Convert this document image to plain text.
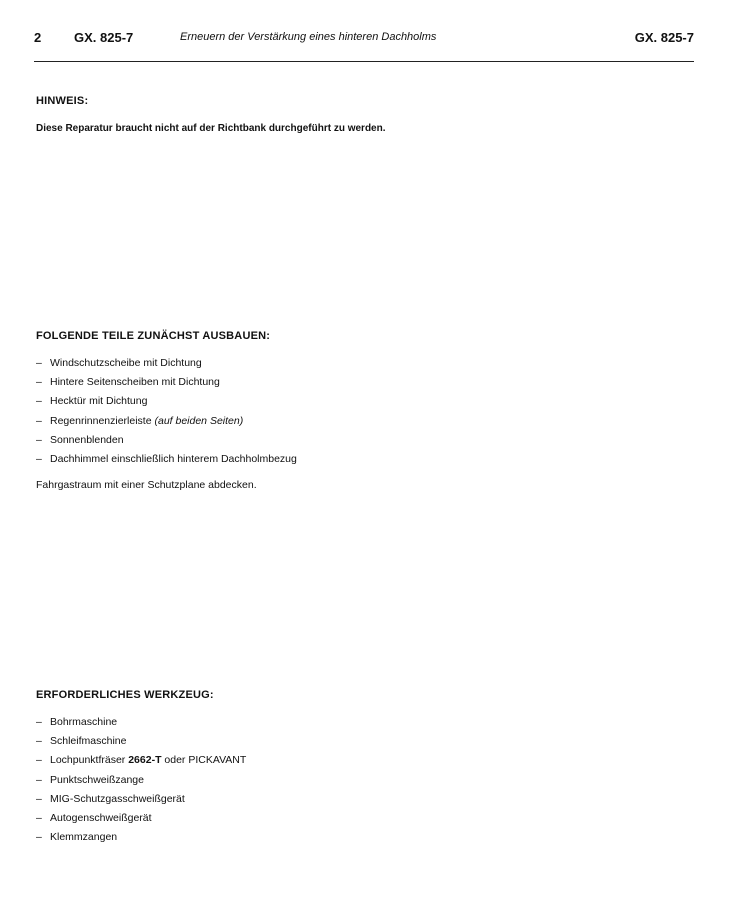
2	GX. 825-7	Erneuern der Verstärkung eines hinteren Dachholms	GX. 825-7
HINWEIS:
Diese Reparatur braucht nicht auf der Richtbank durchgeführt zu werden.
FOLGENDE TEILE ZUNÄCHST AUSBAUEN:
– Windschutzscheibe mit Dichtung
– Hintere Seitenscheiben mit Dichtung
– Hecktür mit Dichtung
– Regenrinnenzierleiste (auf beiden Seiten)
– Sonnenblenden
– Dachhimmel einschließlich hinterem Dachholmbezug
Fahrgastraum mit einer Schutzplane abdecken.
ERFORDERLICHES WERKZEUG:
– Bohrmaschine
– Schleifmaschine
– Lochpunktfräser 2662-T oder PICKAVANT
– Punktschweißzange
– MIG-Schutzgasschweißgerät
– Autogenschweißgerät
– Klemmzangen
